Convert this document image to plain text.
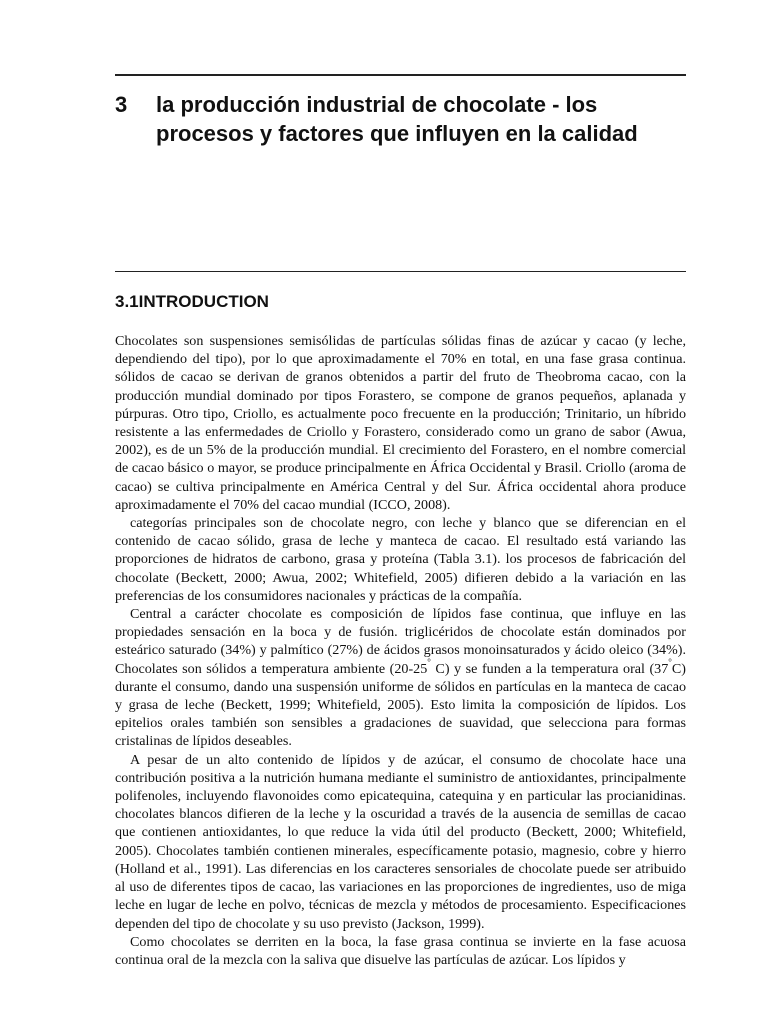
3 la producción industrial de chocolate - los procesos y factores que influyen en la calidad
3.1INTRODUCTION

Chocolates son suspensiones semisólidas de partículas sólidas finas de azúcar y cacao (y leche, dependiendo del tipo), por lo que aproximadamente el 70% en total, en una fase grasa continua. sólidos de cacao se derivan de granos obtenidos a partir del fruto de Theobroma cacao, con la producción mundial dominado por tipos Forastero, se compone de granos pequeños, aplanada y púrpuras. Otro tipo, Criollo, es actualmente poco frecuente en la producción; Trinitario, un híbrido resistente a las enfermedades de Criollo y Forastero, considerado como un grano de sabor (Awua, 2002), es de un 5% de la producción mundial. El crecimiento del Forastero, en el nombre comercial de cacao básico o mayor, se produce principalmente en África Occidental y Brasil. Criollo (aroma de cacao) se cultiva principalmente en América Central y del Sur. África occidental ahora produce aproximadamente el 70% del cacao mundial (ICCO, 2008).

categorías principales son de chocolate negro, con leche y blanco que se diferencian en el contenido de cacao sólido, grasa de leche y manteca de cacao. El resultado está variando las proporciones de hidratos de carbono, grasa y proteína (Tabla 3.1). los procesos de fabricación del chocolate (Beckett, 2000; Awua, 2002; Whitefield, 2005) difieren debido a la variación en las preferencias de los consumidores nacionales y prácticas de la compañía.

Central a carácter chocolate es composición de lípidos fase continua, que influye en las propiedades sensación en la boca y de fusión. triglicéridos de chocolate están dominados por esteárico saturado (34%) y palmítico (27%) de ácidos grasos monoinsaturados y ácido oleico (34%). Chocolates son sólidos a temperatura ambiente (20-25° C) y se funden a la temperatura oral (37°C) durante el consumo, dando una suspensión uniforme de sólidos en partículas en la manteca de cacao y grasa de leche (Beckett, 1999; Whitefield, 2005). Esto limita la composición de lípidos. Los epitelios orales también son sensibles a gradaciones de suavidad, que selecciona para formas cristalinas de lípidos deseables.

A pesar de un alto contenido de lípidos y de azúcar, el consumo de chocolate hace una contribución positiva a la nutrición humana mediante el suministro de antioxidantes, principalmente polifenoles, incluyendo flavonoides como epicatequina, catequina y en particular las procianidinas. chocolates blancos difieren de la leche y la oscuridad a través de la ausencia de semillas de cacao que contienen antioxidantes, lo que reduce la vida útil del producto (Beckett, 2000; Whitefield, 2005). Chocolates también contienen minerales, específicamente potasio, magnesio, cobre y hierro (Holland et al., 1991). Las diferencias en los caracteres sensoriales de chocolate puede ser atribuido al uso de diferentes tipos de cacao, las variaciones en las proporciones de ingredientes, uso de miga leche en lugar de leche en polvo, técnicas de mezcla y métodos de procesamiento. Especificaciones dependen del tipo de chocolate y su uso previsto (Jackson, 1999).

Como chocolates se derriten en la boca, la fase grasa continua se invierte en la fase acuosa continua oral de la mezcla con la saliva que disuelve las partículas de azúcar. Los lípidos y
